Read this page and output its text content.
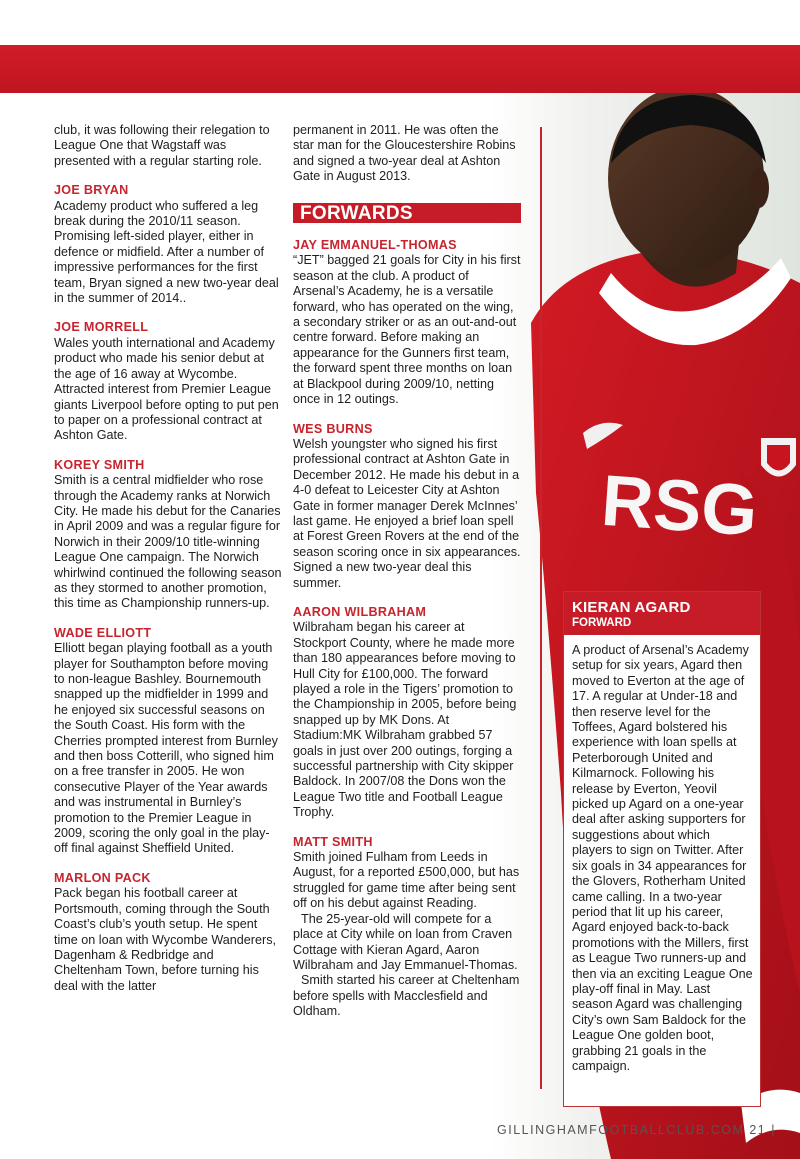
RSG

club, it was following their relegation to League One that Wagstaff was presented with a regular starting role.

JOE BRYAN

Academy product who suffered a leg break during the 2010/11 season. Promising left-sided player, either in defence or midfield. After a number of impressive performances for the first team, Bryan signed a new two-year deal in the summer of 2014..

JOE MORRELL

Wales youth international and Academy product who made his senior debut at the age of 16 away at Wycombe. Attracted interest from Premier League giants Liverpool before opting to put pen to paper on a professional contract at Ashton Gate.

KOREY SMITH

Smith is a central midfielder who rose through the Academy ranks at Norwich City. He made his debut for the Canaries in April 2009 and was a regular figure for Norwich in their 2009/10 title-winning League One campaign. The Norwich whirlwind continued the following season as they stormed to another promotion, this time as Championship runners-up.

WADE ELLIOTT

Elliott began playing football as a youth player for Southampton before moving to non-league Bashley. Bournemouth snapped up the midfielder in 1999 and he enjoyed six successful seasons on the South Coast. His form with the Cherries prompted interest from Burnley and then boss Cotterill, who signed him on a free transfer in 2005. He won consecutive Player of the Year awards and was instrumental in Burnley’s promotion to the Premier League in 2009, scoring the only goal in the play-off final against Sheffield United.

MARLON PACK

Pack began his football career at Portsmouth, coming through the South Coast’s club’s youth setup. He spent time on loan with Wycombe Wanderers, Dagenham & Redbridge and Cheltenham Town, before turning his deal with the latter

permanent in 2011. He was often the star man for the Gloucestershire Robins and signed a two-year deal at Ashton Gate in August 2013.

FORWARDS
JAY EMMANUEL-THOMAS

“JET” bagged 21 goals for City in his first season at the club. A product of Arsenal’s Academy, he is a versatile forward, who has operated on the wing, a secondary striker or as an out-and-out centre forward. Before making an appearance for the Gunners first team, the forward spent three months on loan at Blackpool during 2009/10, netting once in 12 outings.

WES BURNS

Welsh youngster who signed his first professional contract at Ashton Gate in December 2012. He made his debut in a 4-0 defeat to Leicester City at Ashton Gate in former manager Derek McInnes’ last game. He enjoyed a brief loan spell at Forest Green Rovers at the end of the season scoring once in six appearances. Signed a new two-year deal this summer.

AARON WILBRAHAM

Wilbraham began his career at Stockport County, where he made more than 180 appearances before moving to Hull City for £100,000. The forward played a role in the Tigers’ promotion to the Championship in 2005, before being snapped up by MK Dons. At Stadium:MK Wilbraham grabbed 57 goals in just over 200 outings, forging a successful partnership with City skipper Baldock. In 2007/08 the Dons won the League Two title and Football League Trophy.

MATT SMITH

Smith joined Fulham from Leeds in August, for a reported £500,000, but has struggled for game time after being sent off on his debut against Reading.

The 25-year-old will compete for a place at City while on loan from Craven Cottage with Kieran Agard, Aaron Wilbraham and Jay Emmanuel-Thomas.

Smith started his career at Cheltenham before spells with Macclesfield and Oldham.

KIERAN AGARD
FORWARD
A product of Arsenal’s Academy setup for six years, Agard then moved to Everton at the age of 17. A regular at Under-18 and then reserve level for the Toffees, Agard bolstered his experience with loan spells at Peterborough United and Kilmarnock. Following his release by Everton, Yeovil picked up Agard on a one-year deal after asking supporters for suggestions about which players to sign on Twitter. After six goals in 34 appearances for the Glovers, Rotherham United came calling. In a two-year period that lit up his career, Agard enjoyed back-to-back promotions with the Millers, first as League Two runners-up and then via an exciting League One play-off final in May. Last season Agard was challenging City’s own Sam Baldock for the League One golden boot, grabbing 21 goals in the campaign.
GILLINGHAMFOOTBALLCLUB.COM 21 |
